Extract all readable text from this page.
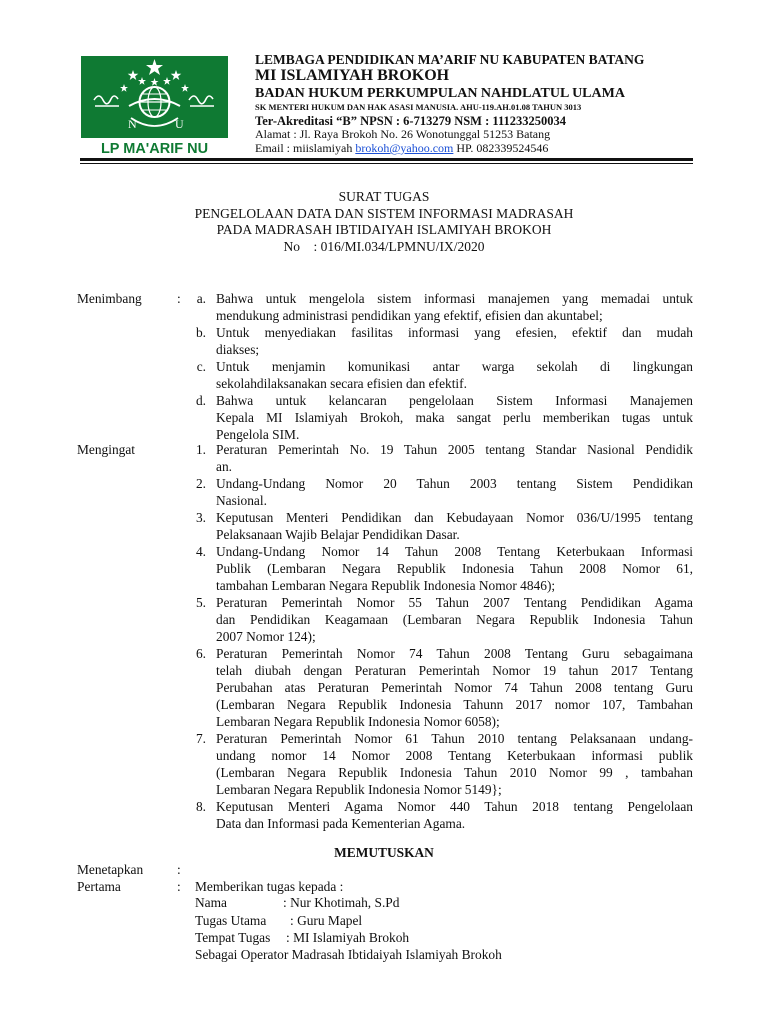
N	U
LP MA'ARIF NU
LEMBAGA PENDIDIKAN MA’ARIF NU KABUPATEN BATANG
MI ISLAMIYAH BROKOH
BADAN HUKUM PERKUMPULAN NAHDLATUL ULAMA
SK MENTERI HUKUM DAN HAK ASASI MANUSIA. AHU-119.AH.01.08 TAHUN 3013
Ter-Akreditasi “B” NPSN : 6-713279 NSM : 111233250034
Alamat : Jl. Raya Brokoh No. 26 Wonotunggal 51253 Batang
Email : miislamiyah brokoh@yahoo.com HP. 082339524546
SURAT TUGAS
PENGELOLAAN DATA DAN SISTEM INFORMASI MADRASAH
PADA MADRASAH IBTIDAIYAH ISLAMIYAH BROKOH
No    : 016/MI.034/LPMNU/IX/2020
Menimbang	:	a. Bahwa untuk mengelola sistem informasi manajemen yang memadai untuk
mendukung administrasi pendidikan yang efektif, efisien dan akuntabel;
b. Untuk menyediakan fasilitas informasi yang efesien, efektif dan mudah
diakses;
c. Untuk menjamin komunikasi antar warga sekolah di lingkungan
sekolahdilaksanakan secara efisien dan efektif.
d. Bahwa untuk kelancaran pengelolaan Sistem Informasi Manajemen
Kepala MI Islamiyah Brokoh, maka sangat perlu memberikan tugas untuk
Pengelola SIM.
Mengingat	1. Peraturan Pemerintah No. 19 Tahun 2005 tentang Standar Nasional Pendidik
an.
2. Undang-Undang Nomor 20 Tahun 2003 tentang Sistem Pendidikan
Nasional.
3. Keputusan Menteri Pendidikan dan Kebudayaan Nomor 036/U/1995 tentang
Pelaksanaan Wajib Belajar Pendidikan Dasar.
4. Undang-Undang Nomor 14 Tahun 2008 Tentang Keterbukaan Informasi
Publik (Lembaran Negara Republik Indonesia Tahun 2008 Nomor 61,
tambahan Lembaran Negara Republik Indonesia Nomor 4846);
5. Peraturan Pemerintah Nomor 55 Tahun 2007 Tentang Pendidikan Agama
dan Pendidikan Keagamaan (Lembaran Negara Republik Indonesia Tahun
2007 Nomor 124);
6. Peraturan Pemerintah Nomor 74 Tahun 2008 Tentang Guru sebagaimana
telah diubah dengan Peraturan Pemerintah Nomor 19 tahun 2017 Tentang
Perubahan atas Peraturan Pemerintah Nomor 74 Tahun 2008 tentang Guru
(Lembaran Negara Republik Indonesia Tahunn 2017 nomor 107, Tambahan
Lembaran Negara Republik Indonesia Nomor 6058);
7. Peraturan Pemerintah Nomor 61 Tahun 2010 tentang Pelaksanaan undang-
undang nomor 14 Nomor 2008 Tentang Keterbukaan informasi publik
(Lembaran Negara Republik Indonesia Tahun 2010 Nomor 99 , tambahan
Lembaran Negara Republik Indonesia Nomor 5149};
8. Keputusan Menteri Agama Nomor 440 Tahun 2018 tentang Pengelolaan
Data dan Informasi pada Kementerian Agama.
MEMUTUSKAN
Menetapkan	:
Pertama	: Memberikan tugas kepada :
Nama	: Nur Khotimah, S.Pd
Tugas Utama : Guru Mapel
Tempat Tugas : MI Islamiyah Brokoh
Sebagai Operator Madrasah Ibtidaiyah Islamiyah Brokoh
